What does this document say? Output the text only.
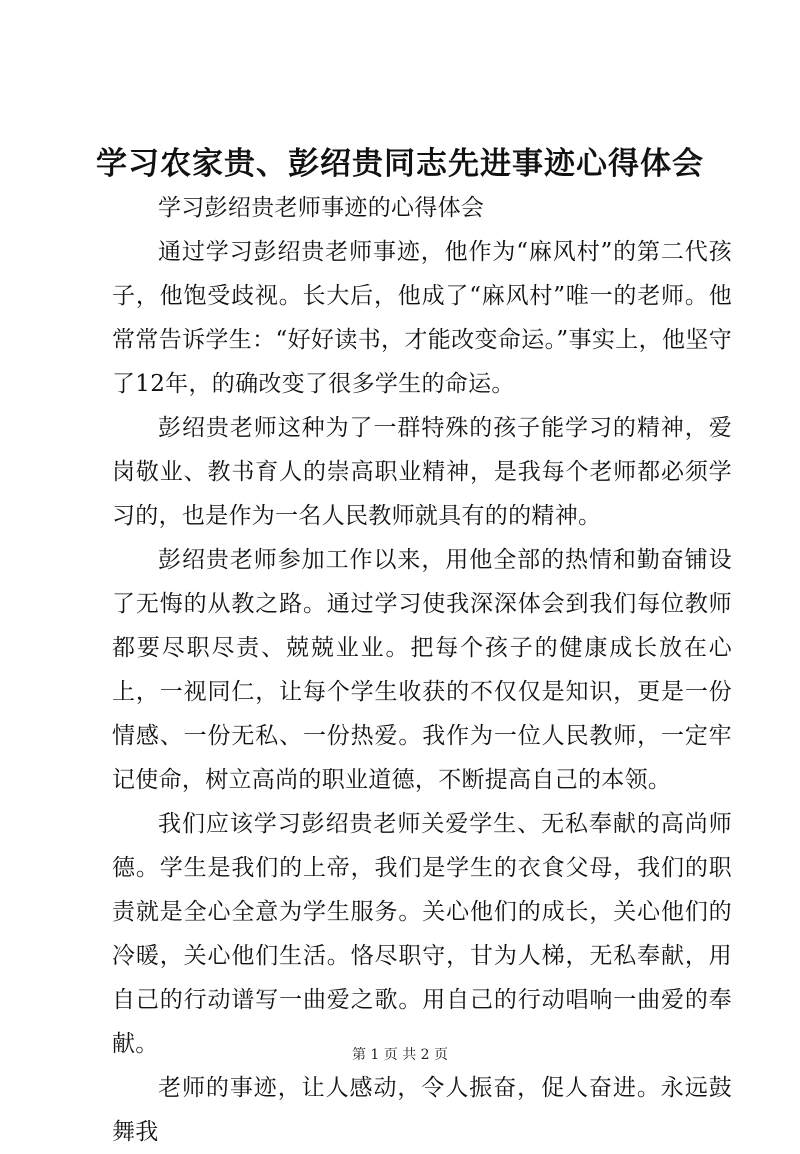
学习农家贵、彭绍贵同志先进事迹心得体会

学习彭绍贵老师事迹的心得体会

通过学习彭绍贵老师事迹，他作为“麻风村”的第二代孩子，他饱受歧视。长大后，他成了“麻风村”唯一的老师。他常常告诉学生：“好好读书，才能改变命运。”事实上，他坚守了12年，的确改变了很多学生的命运。

彭绍贵老师这种为了一群特殊的孩子能学习的精神，爱岗敬业、教书育人的崇高职业精神，是我每个老师都必须学习的，也是作为一名人民教师就具有的的精神。

彭绍贵老师参加工作以来，用他全部的热情和勤奋铺设了无悔的从教之路。通过学习使我深深体会到我们每位教师都要尽职尽责、兢兢业业。把每个孩子的健康成长放在心上，一视同仁，让每个学生收获的不仅仅是知识，更是一份情感、一份无私、一份热爱。我作为一位人民教师，一定牢记使命，树立高尚的职业道德，不断提高自己的本领。

我们应该学习彭绍贵老师关爱学生、无私奉献的高尚师德。学生是我们的上帝，我们是学生的衣食父母，我们的职责就是全心全意为学生服务。关心他们的成长，关心他们的冷暖，关心他们生活。恪尽职守，甘为人梯，无私奉献，用自己的行动谱写一曲爱之歌。用自己的行动唱响一曲爱的奉献。

老师的事迹，让人感动，令人振奋，促人奋进。永远鼓舞我

第 1 页 共 2 页
